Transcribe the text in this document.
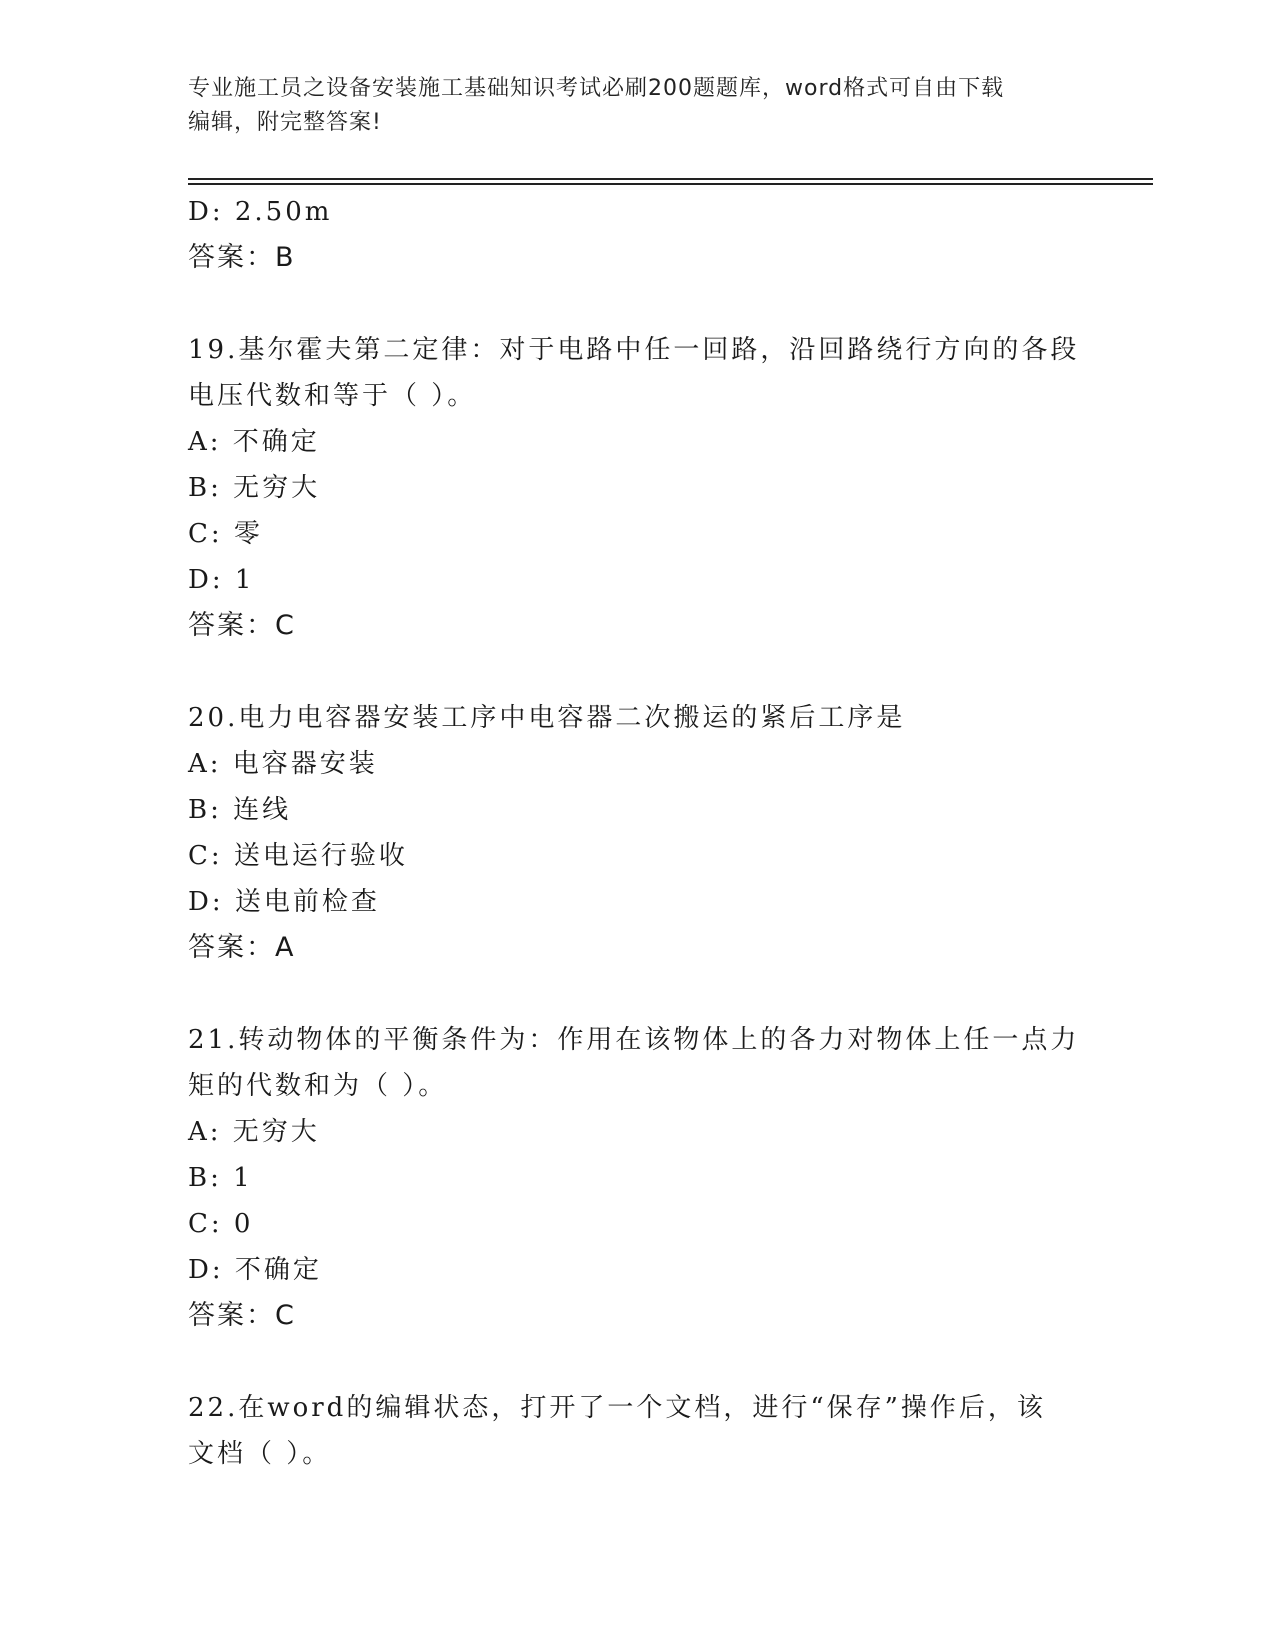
专业施工员之设备安装施工基础知识考试必刷200题题库，word格式可自由下载
编辑，附完整答案!
D: 2.50m
答案：B
19.基尔霍夫第二定律：对于电路中任一回路，沿回路绕行方向的各段
电压代数和等于（ ）。
A: 不确定
B: 无穷大
C: 零
D: 1
答案：C
20.电力电容器安装工序中电容器二次搬运的紧后工序是
A: 电容器安装
B: 连线
C: 送电运行验收
D: 送电前检查
答案：A
21.转动物体的平衡条件为：作用在该物体上的各力对物体上任一点力
矩的代数和为（ ）。
A: 无穷大
B: 1
C: 0
D: 不确定
答案：C
22.在word的编辑状态，打开了一个文档，进行“保存”操作后，该
文档（ ）。
